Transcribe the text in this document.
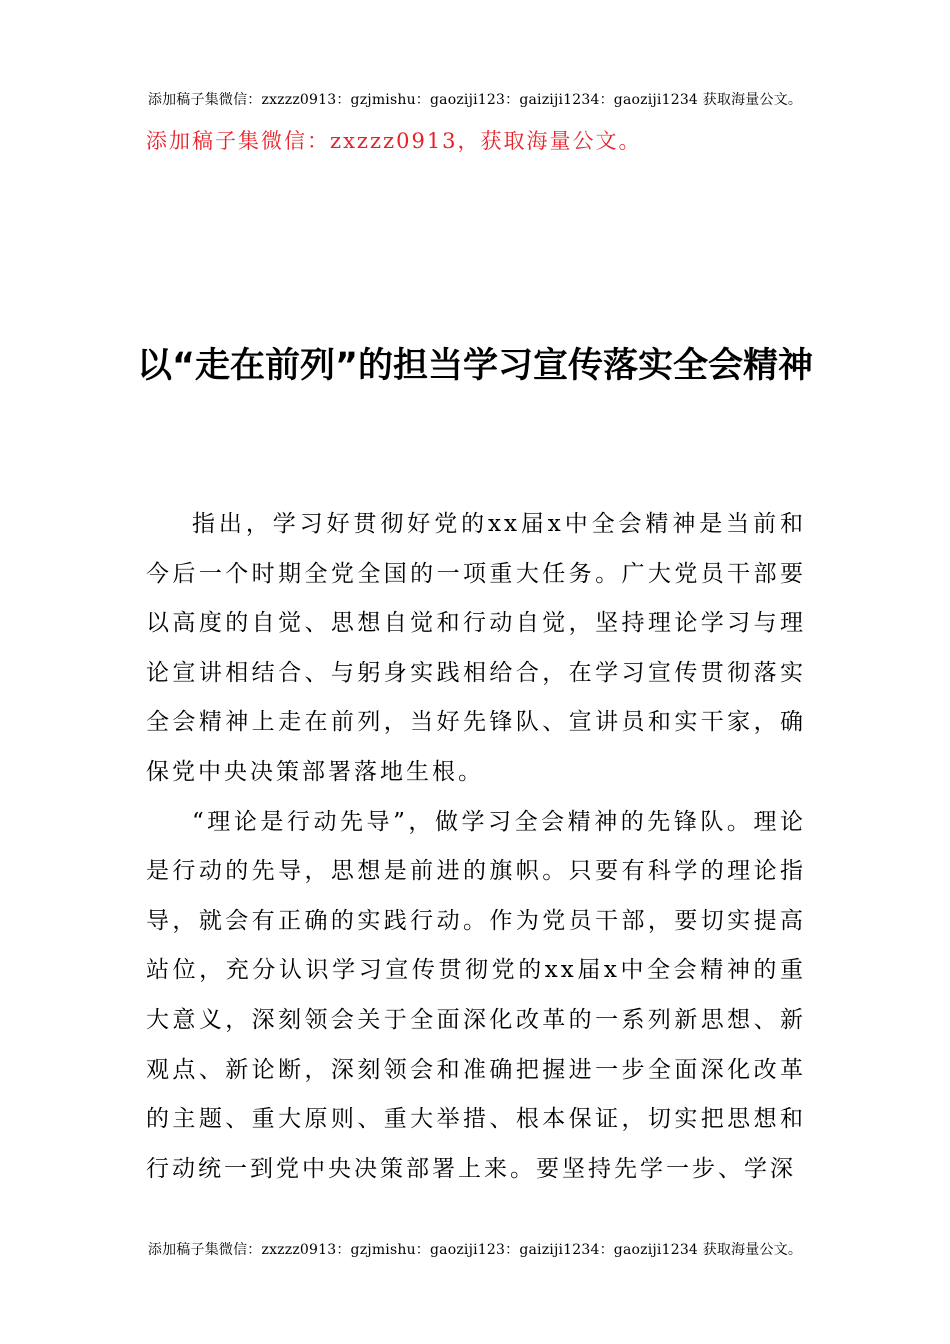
添加稿子集微信：zxzzz0913：gzjmishu：gaoziji123：gaiziji1234：gaoziji1234 获取海量公文。
添加稿子集微信：zxzzz0913，获取海量公文。
以“走在前列”的担当学习宣传落实全会精神

指出，学习好贯彻好党的xx届x中全会精神是当前和今后一个时期全党全国的一项重大任务。广大党员干部要以高度的自觉、思想自觉和行动自觉，坚持理论学习与理论宣讲相结合、与躬身实践相给合，在学习宣传贯彻落实全会精神上走在前列，当好先锋队、宣讲员和实干家，确保党中央决策部署落地生根。

“理论是行动先导”，做学习全会精神的先锋队。理论是行动的先导，思想是前进的旗帜。只要有科学的理论指导，就会有正确的实践行动。作为党员干部，要切实提高站位，充分认识学习宣传贯彻党的xx届x中全会精神的重大意义，深刻领会关于全面深化改革的一系列新思想、新观点、新论断，深刻领会和准确把握进一步全面深化改革的主题、重大原则、重大举措、根本保证，切实把思想和行动统一到党中央决策部署上来。要坚持先学一步、学深

添加稿子集微信：zxzzz0913：gzjmishu：gaoziji123：gaiziji1234：gaoziji1234 获取海量公文。
